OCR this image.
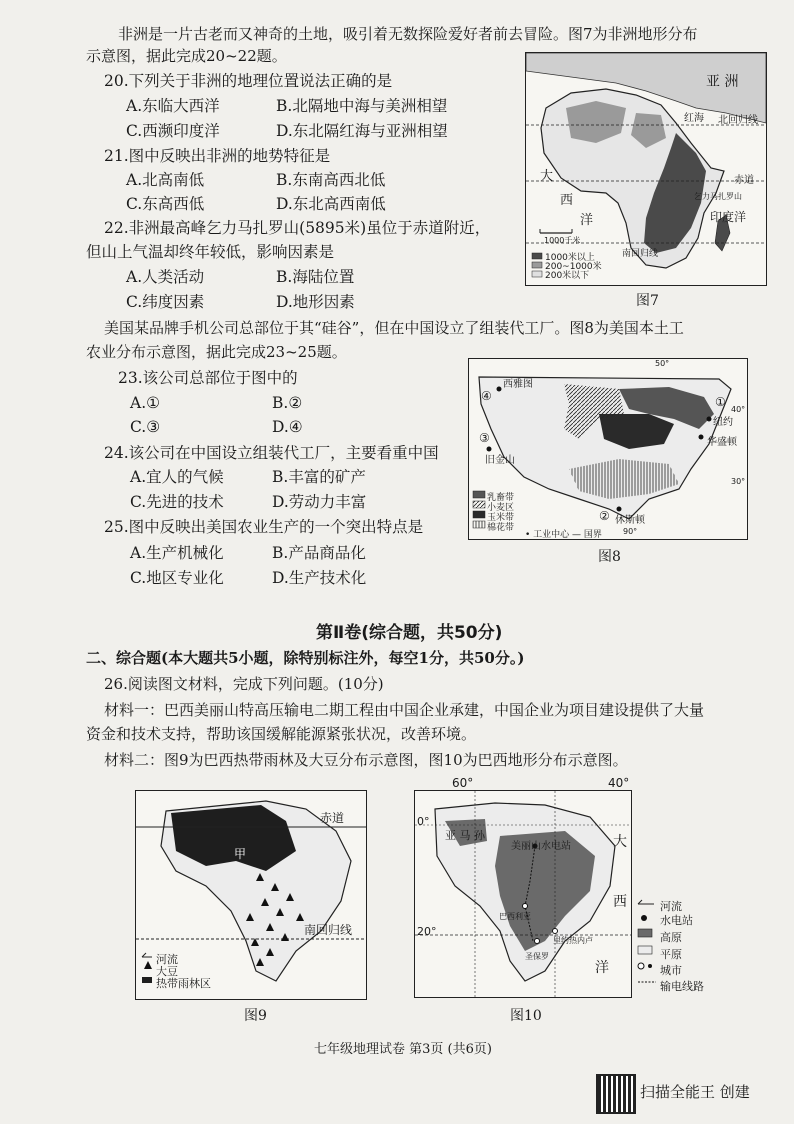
非洲是一片古老而又神奇的土地，吸引着无数探险爱好者前去冒险。图7为非洲地形分布
示意图，据此完成20~22题。
20.下列关于非洲的地理位置说法正确的是
A.东临大西洋	B.北隔地中海与美洲相望
C.西濒印度洋	D.东北隔红海与亚洲相望
21.图中反映出非洲的地势特征是
A.北高南低	B.东南高西北低
C.东高西低	D.东北高西南低
22.非洲最高峰乞力马扎罗山(5895米)虽位于赤道附近，
但山上气温却终年较低，影响因素是
A.人类活动	B.海陆位置
C.纬度因素	D.地形因素
亚 洲
红海 北回归线
大
西
洋
赤道
乞力马扎罗山
印度洋
1000千米
南回归线
1000米以上
200~1000米
200米以下
图7
美国某品牌手机公司总部位于其“硅谷”，但在中国设立了组装代工厂。图8为美国本土工
农业分布示意图，据此完成23~25题。
23.该公司总部位于图中的
A.①	B.②
C.③	D.④
24.该公司在中国设立组装代工厂，主要看重中国
A.宜人的气候	B.丰富的矿产
C.先进的技术	D.劳动力丰富
25.图中反映出美国农业生产的一个突出特点是
A.生产机械化	B.产品商品化
C.地区专业化	D.生产技术化
西雅图
④
③
旧金山
①
纽约
华盛顿
② 休斯顿
50°
40°
30°
90°
乳畜带
小麦区
玉米带
棉花带
• 工业中心 — 国界
图8
第Ⅱ卷(综合题，共50分)
二、综合题(本大题共5小题，除特别标注外，每空1分，共50分。)
26.阅读图文材料，完成下列问题。(10分)
材料一：巴西美丽山特高压输电二期工程由中国企业承建，中国企业为项目建设提供了大量
资金和技术支持，帮助该国缓解能源紧张状况，改善环境。
材料二：图9为巴西热带雨林及大豆分布示意图，图10为巴西地形分布示意图。
赤道
甲
南回归线
河流
大豆
热带雨林区
图9
0°
20°
亚 马 孙
美丽山水电站
巴西利亚
里约热内卢
圣保罗
大
西
洋
60°	40°
图10
河流
水电站
高原
平原
城市
输电线路
七年级地理试卷 第3页 (共6页)
扫描全能王 创建
